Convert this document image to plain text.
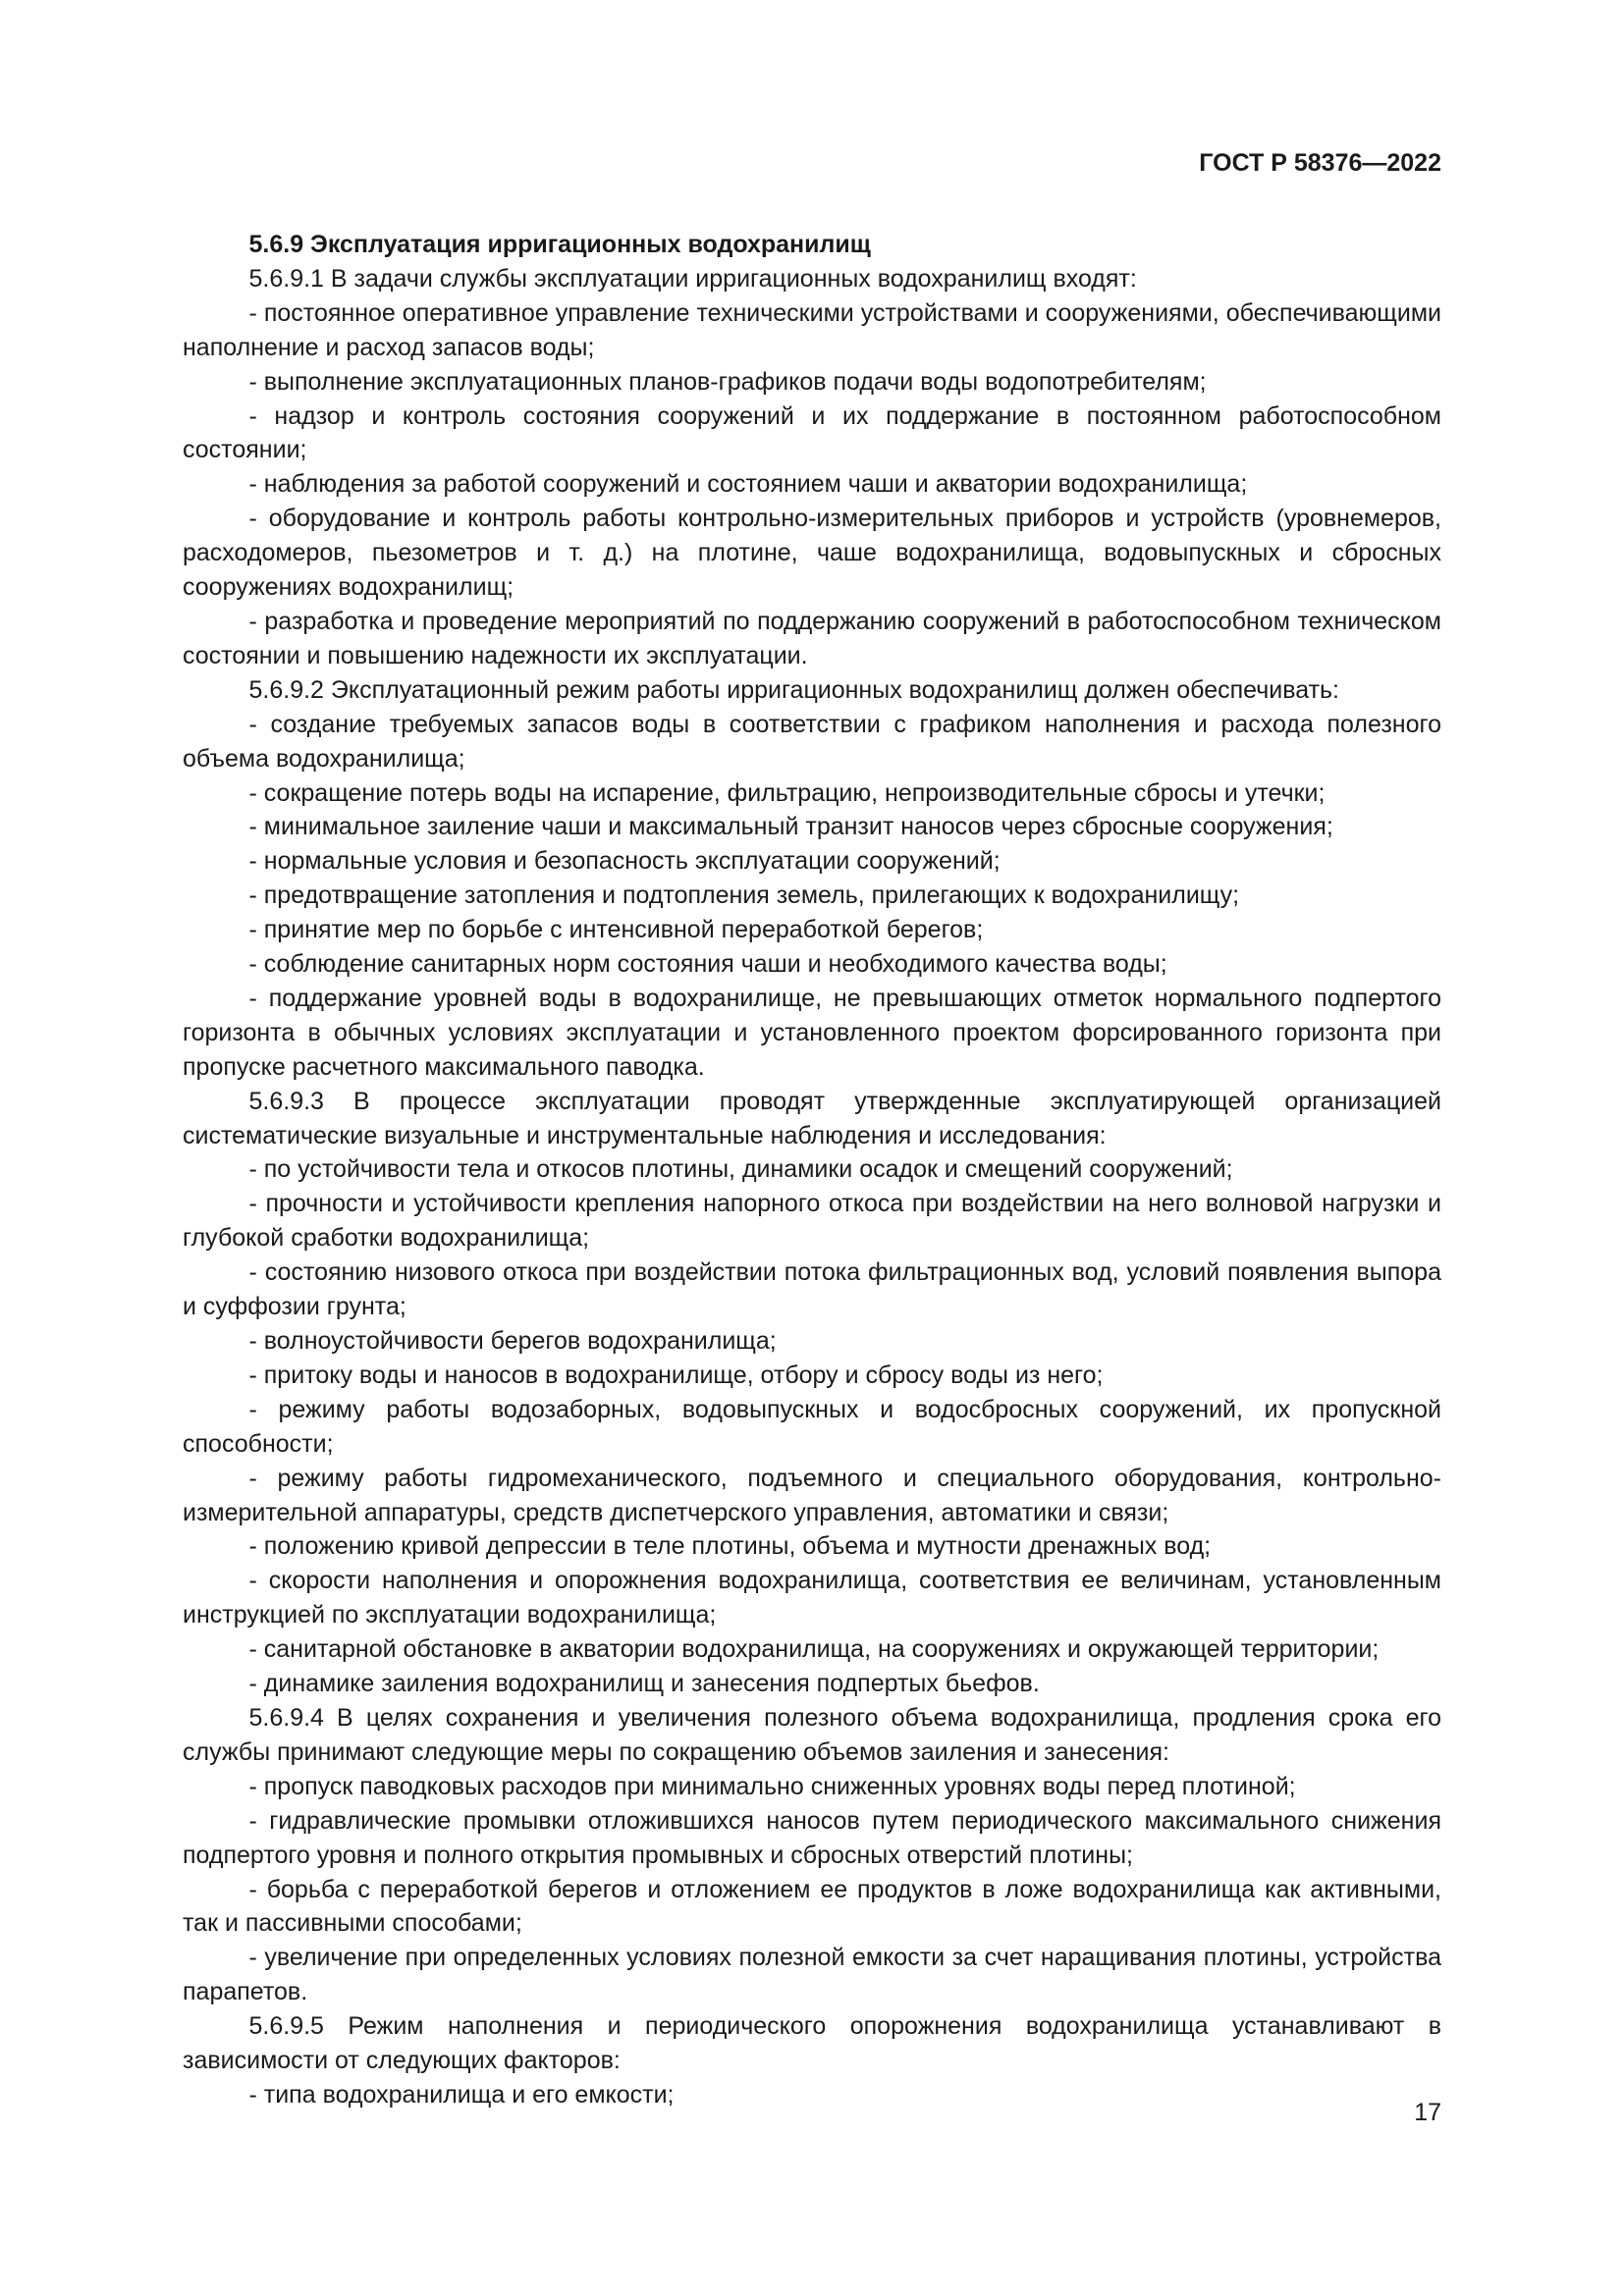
ГОСТ Р 58376—2022
5.6.9 Эксплуатация ирригационных водохранилищ
5.6.9.1 В задачи службы эксплуатации ирригационных водохранилищ входят:
- постоянное оперативное управление техническими устройствами и сооружениями, обеспечивающими наполнение и расход запасов воды;
- выполнение эксплуатационных планов-графиков подачи воды водопотребителям;
- надзор и контроль состояния сооружений и их поддержание в постоянном работоспособном состоянии;
- наблюдения за работой сооружений и состоянием чаши и акватории водохранилища;
- оборудование и контроль работы контрольно-измерительных приборов и устройств (уровнемеров, расходомеров, пьезометров и т. д.) на плотине, чаше водохранилища, водовыпускных и сбросных сооружениях водохранилищ;
- разработка и проведение мероприятий по поддержанию сооружений в работоспособном техническом состоянии и повышению надежности их эксплуатации.
5.6.9.2 Эксплуатационный режим работы ирригационных водохранилищ должен обеспечивать:
- создание требуемых запасов воды в соответствии с графиком наполнения и расхода полезного объема водохранилища;
- сокращение потерь воды на испарение, фильтрацию, непроизводительные сбросы и утечки;
- минимальное заиление чаши и максимальный транзит наносов через сбросные сооружения;
- нормальные условия и безопасность эксплуатации сооружений;
- предотвращение затопления и подтопления земель, прилегающих к водохранилищу;
- принятие мер по борьбе с интенсивной переработкой берегов;
- соблюдение санитарных норм состояния чаши и необходимого качества воды;
- поддержание уровней воды в водохранилище, не превышающих отметок нормального подпертого горизонта в обычных условиях эксплуатации и установленного проектом форсированного горизонта при пропуске расчетного максимального паводка.
5.6.9.3 В процессе эксплуатации проводят утвержденные эксплуатирующей организацией систематические визуальные и инструментальные наблюдения и исследования:
- по устойчивости тела и откосов плотины, динамики осадок и смещений сооружений;
- прочности и устойчивости крепления напорного откоса при воздействии на него волновой нагрузки и глубокой сработки водохранилища;
- состоянию низового откоса при воздействии потока фильтрационных вод, условий появления выпора и суффозии грунта;
- волноустойчивости берегов водохранилища;
- притоку воды и наносов в водохранилище, отбору и сбросу воды из него;
- режиму работы водозаборных, водовыпускных и водосбросных сооружений, их пропускной способности;
- режиму работы гидромеханического, подъемного и специального оборудования, контрольно-измерительной аппаратуры, средств диспетчерского управления, автоматики и связи;
- положению кривой депрессии в теле плотины, объема и мутности дренажных вод;
- скорости наполнения и опорожнения водохранилища, соответствия ее величинам, установленным инструкцией по эксплуатации водохранилища;
- санитарной обстановке в акватории водохранилища, на сооружениях и окружающей территории;
- динамике заиления водохранилищ и занесения подпертых бьефов.
5.6.9.4 В целях сохранения и увеличения полезного объема водохранилища, продления срока его службы принимают следующие меры по сокращению объемов заиления и занесения:
- пропуск паводковых расходов при минимально сниженных уровнях воды перед плотиной;
- гидравлические промывки отложившихся наносов путем периодического максимального снижения подпертого уровня и полного открытия промывных и сбросных отверстий плотины;
- борьба с переработкой берегов и отложением ее продуктов в ложе водохранилища как активными, так и пассивными способами;
- увеличение при определенных условиях полезной емкости за счет наращивания плотины, устройства парапетов.
5.6.9.5 Режим наполнения и периодического опорожнения водохранилища устанавливают в зависимости от следующих факторов:
- типа водохранилища и его емкости;
17
